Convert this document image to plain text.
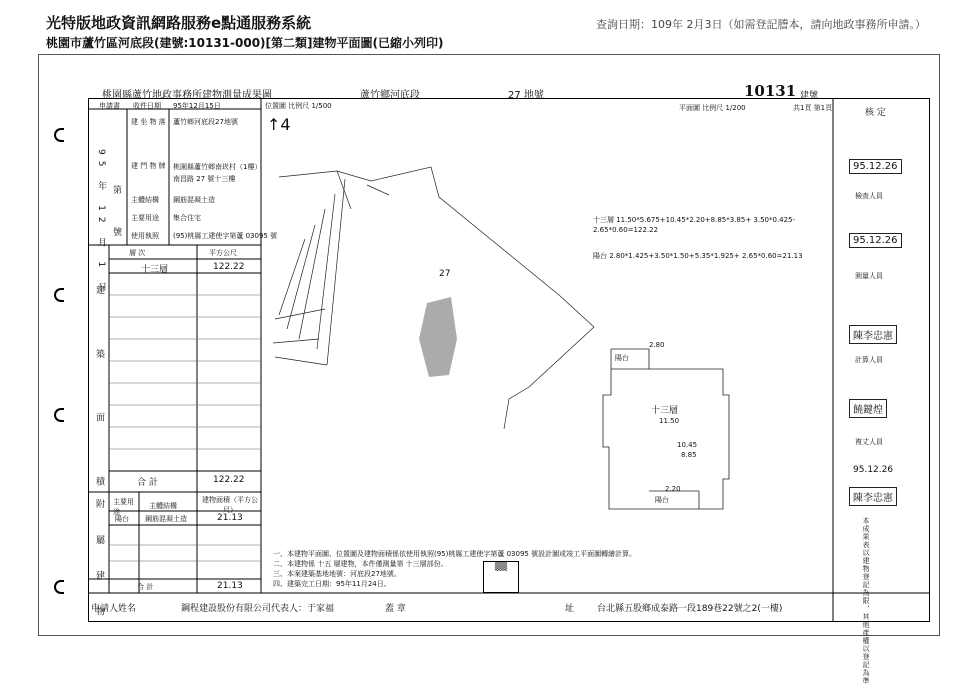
光特版地政資訊網路服務e點通服務系統
桃園市蘆竹區河底段(建號:10131-000)[第二類]建物平面圖(已縮小列印)
查詢日期：109年 2月3日（如需登記謄本，請向地政事務所申請。）
桃園縣蘆竹地政事務所建物測量成果圖	蘆竹鄉河底段	27 地號	10131 建號
申請書 收件日期 95年12月15日
95 年 12 月 1 日 第
號
建 坐 物 落 蘆竹鄉河底段27地號
建 門 物 牌 桃園縣蘆竹鄉南崁村（1樓）南昌路 27 號十三樓
主體結構 鋼筋混凝土造
主要用途 集合住宅
使用執照 (95)桃縣工建使字第蘆 03095 號
層 次	平方公尺
十三層	122.22
建 築 面 積	合 計	122.22
附 屬 建 物 主要用途
主體結構
建物面積（平方公尺）
陽台 鋼筋混凝土造	21.13
合 計	21.13
位置圖 比例尺 1/500
↑4
平面圖 比例尺 1/200	共1頁 第1頁
27
十三層 11.50*5.675+10.45*2.20+8.85*3.85+ 3.50*0.425-2.65*0.60=122.22
陽台 2.80*1.425+3.50*1.50+5.35*1.925+ 2.65*0.60=21.13
十三層
陽台
陽台
2.80
11.50
10.45
8.85
2.20
一、本建物平面圖、位置圖及建物面積係依使用執照(95)桃縣工建使字第蘆 03095 號設計圖或竣工平面圖轉繪計算。
二、本建物係 十五 層建物，本件僅測量第 十三層部份。
三、本案建築基地地號：河底段27地號。
四、建築完工日期：95年11月24日。
▒▒
核 定
95.12.26
檢查人員
95.12.26
測量人員
陳李忠憲
計算人員
饒鍵煌
複丈人員
95.12.26
陳李忠憲
本成果表以建物登記為限，其他產權以登記為準
申請人姓名	鋼程建設股份有限公司代表人：于家福	蓋 章	址	台北縣五股鄉成泰路一段189巷22號之2(一樓)
